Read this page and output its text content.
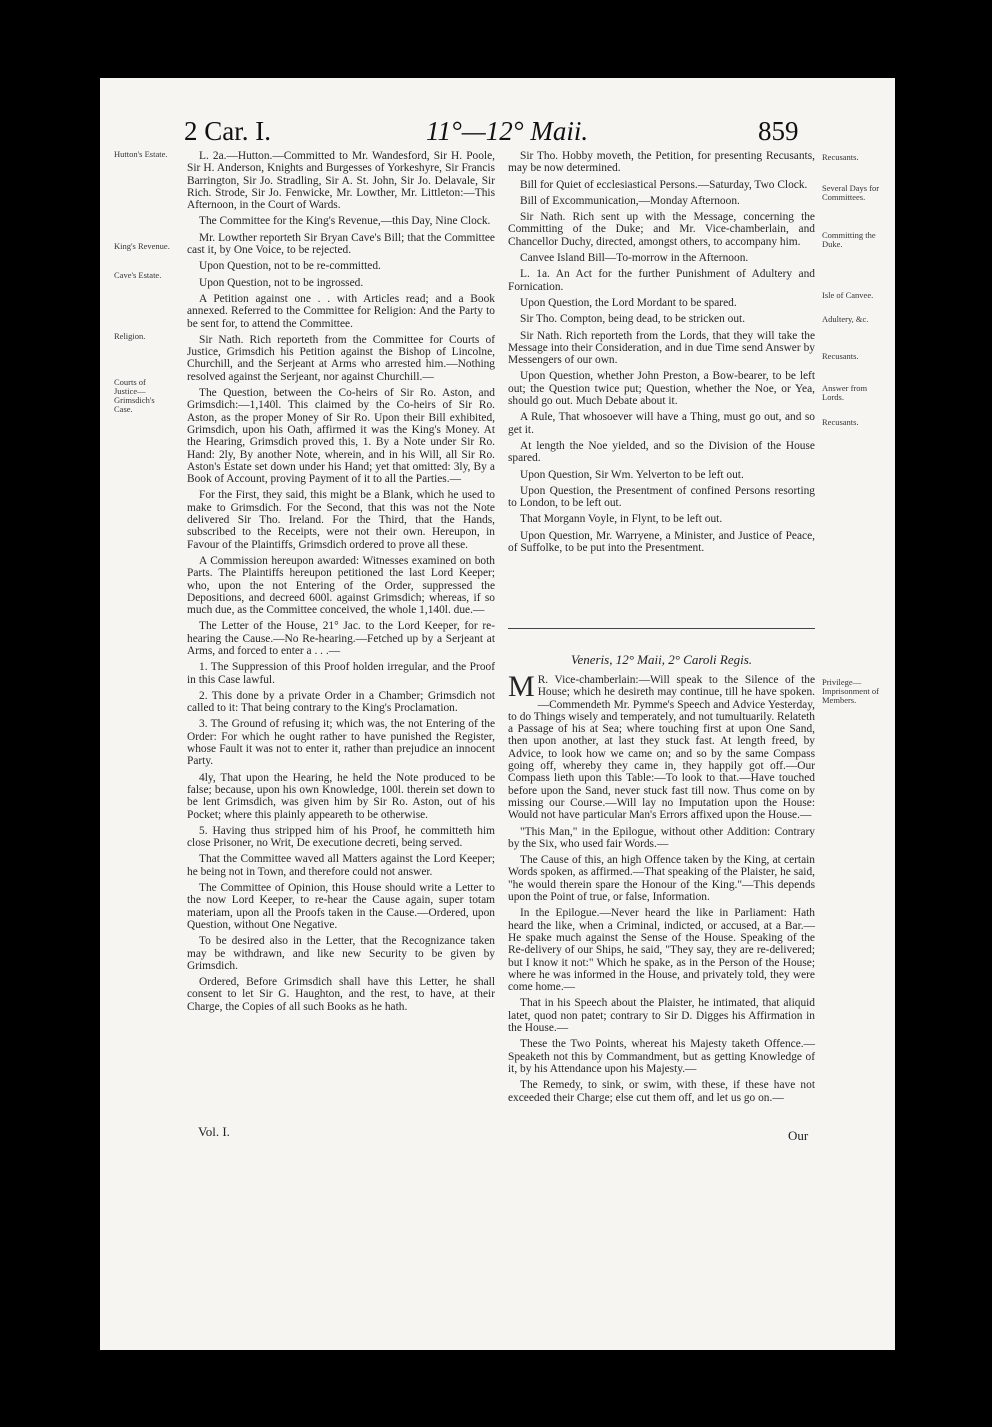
2 Car. I.	11°—12° Maii.	859
Hutton's Estate.
King's Revenue.
Cave's Estate.
Religion.
Courts of Justice—Grimsdich's Case.

L. 2a.—Hutton.—Committed to Mr. Wandesford, Sir H. Poole, Sir H. Anderson, Knights and Burgesses of Yorkeshyre, Sir Francis Barrington, Sir Jo. Stradling, Sir A. St. John, Sir Jo. Delavale, Sir Rich. Strode, Sir Jo. Fenwicke, Mr. Lowther, Mr. Littleton:—This Afternoon, in the Court of Wards.

The Committee for the King's Revenue,—this Day, Nine Clock.

Mr. Lowther reporteth Sir Bryan Cave's Bill; that the Committee cast it, by One Voice, to be rejected.

Upon Question, not to be re-committed.

Upon Question, not to be ingrossed.

A Petition against one . . with Articles read; and a Book annexed. Referred to the Committee for Religion: And the Party to be sent for, to attend the Committee.

Sir Nath. Rich reporteth from the Committee for Courts of Justice, Grimsdich his Petition against the Bishop of Lincolne, Churchill, and the Serjeant at Arms who arrested him.—Nothing resolved against the Serjeant, nor against Churchill.—

The Question, between the Co-heirs of Sir Ro. Aston, and Grimsdich:—1,140l. This claimed by the Co-heirs of Sir Ro. Aston, as the proper Money of Sir Ro. Upon their Bill exhibited, Grimsdich, upon his Oath, affirmed it was the King's Money. At the Hearing, Grimsdich proved this, 1. By a Note under Sir Ro. Hand: 2ly, By another Note, wherein, and in his Will, all Sir Ro. Aston's Estate set down under his Hand; yet that omitted: 3ly, By a Book of Account, proving Payment of it to all the Parties.—

For the First, they said, this might be a Blank, which he used to make to Grimsdich. For the Second, that this was not the Note delivered Sir Tho. Ireland. For the Third, that the Hands, subscribed to the Receipts, were not their own. Hereupon, in Favour of the Plaintiffs, Grimsdich ordered to prove all these.

A Commission hereupon awarded: Witnesses examined on both Parts. The Plaintiffs hereupon petitioned the last Lord Keeper; who, upon the not Entering of the Order, suppressed the Depositions, and decreed 600l. against Grimsdich; whereas, if so much due, as the Committee conceived, the whole 1,140l. due.—

The Letter of the House, 21° Jac. to the Lord Keeper, for re-hearing the Cause.—No Re-hearing.—Fetched up by a Serjeant at Arms, and forced to enter a . . .—

1. The Suppression of this Proof holden irregular, and the Proof in this Case lawful.

2. This done by a private Order in a Chamber; Grimsdich not called to it: That being contrary to the King's Proclamation.

3. The Ground of refusing it; which was, the not Entering of the Order: For which he ought rather to have punished the Register, whose Fault it was not to enter it, rather than prejudice an innocent Party.

4ly, That upon the Hearing, he held the Note produced to be false; because, upon his own Knowledge, 100l. therein set down to be lent Grimsdich, was given him by Sir Ro. Aston, out of his Pocket; where this plainly appeareth to be otherwise.

5. Having thus stripped him of his Proof, he committeth him close Prisoner, no Writ, De executione decreti, being served.

That the Committee waved all Matters against the Lord Keeper; he being not in Town, and therefore could not answer.

The Committee of Opinion, this House should write a Letter to the now Lord Keeper, to re-hear the Cause again, super totam materiam, upon all the Proofs taken in the Cause.—Ordered, upon Question, without One Negative.

To be desired also in the Letter, that the Recognizance taken may be withdrawn, and like new Security to be given by Grimsdich.

Ordered, Before Grimsdich shall have this Letter, he shall consent to let Sir G. Haughton, and the rest, to have, at their Charge, the Copies of all such Books as he hath.

Sir Tho. Hobby moveth, the Petition, for presenting Recusants, may be now determined.

Bill for Quiet of ecclesiastical Persons.—Saturday, Two Clock.

Bill of Excommunication,—Monday Afternoon.

Sir Nath. Rich sent up with the Message, concerning the Committing of the Duke; and Mr. Vice-chamberlain, and Chancellor Duchy, directed, amongst others, to accompany him.

Canvee Island Bill—To-morrow in the Afternoon.

L. 1a. An Act for the further Punishment of Adultery and Fornication.

Upon Question, the Lord Mordant to be spared.

Sir Tho. Compton, being dead, to be stricken out.

Sir Nath. Rich reporteth from the Lords, that they will take the Message into their Consideration, and in due Time send Answer by Messengers of our own.

Upon Question, whether John Preston, a Bow-bearer, to be left out; the Question twice put; Question, whether the Noe, or Yea, should go out. Much Debate about it.

A Rule, That whosoever will have a Thing, must go out, and so get it.

At length the Noe yielded, and so the Division of the House spared.

Upon Question, Sir Wm. Yelverton to be left out.

Upon Question, the Presentment of confined Persons resorting to London, to be left out.

That Morgann Voyle, in Flynt, to be left out.

Upon Question, Mr. Warryene, a Minister, and Justice of Peace, of Suffolke, to be put into the Presentment.

Recusants.
Several Days for Committees.
Committing the Duke.
Isle of Canvee.
Adultery, &c.
Recusants.
Answer from Lords.
Recusants.
Privilege—Imprisonment of Members.
Veneris, 12° Maii, 2° Caroli Regis.

M R. Vice-chamberlain:—Will speak to the Silence of the House; which he desireth may continue, till he have spoken.—Commendeth Mr. Pymme's Speech and Advice Yesterday, to do Things wisely and temperately, and not tumultuarily. Relateth a Passage of his at Sea; where touching first at upon One Sand, then upon another, at last they stuck fast. At length freed, by Advice, to look how we came on; and so by the same Compass going off, whereby they came in, they happily got off.—Our Compass lieth upon this Table:—To look to that.—Have touched before upon the Sand, never stuck fast till now. Thus come on by missing our Course.—Will lay no Imputation upon the House: Would not have particular Man's Errors affixed upon the House.—

"This Man," in the Epilogue, without other Addition: Contrary by the Six, who used fair Words.—

The Cause of this, an high Offence taken by the King, at certain Words spoken, as affirmed.—That speaking of the Plaister, he said, "he would therein spare the Honour of the King."—This depends upon the Point of true, or false, Information.

In the Epilogue.—Never heard the like in Parliament: Hath heard the like, when a Criminal, indicted, or accused, at a Bar.—He spake much against the Sense of the House. Speaking of the Re-delivery of our Ships, he said, "They say, they are re-delivered; but I know it not:" Which he spake, as in the Person of the House; where he was informed in the House, and privately told, they were come home.—

That in his Speech about the Plaister, he intimated, that aliquid latet, quod non patet; contrary to Sir D. Digges his Affirmation in the House.—

These the Two Points, whereat his Majesty taketh Offence.—Speaketh not this by Commandment, but as getting Knowledge of it, by his Attendance upon his Majesty.—

The Remedy, to sink, or swim, with these, if these have not exceeded their Charge; else cut them off, and let us go on.—

Vol. I.	Our
